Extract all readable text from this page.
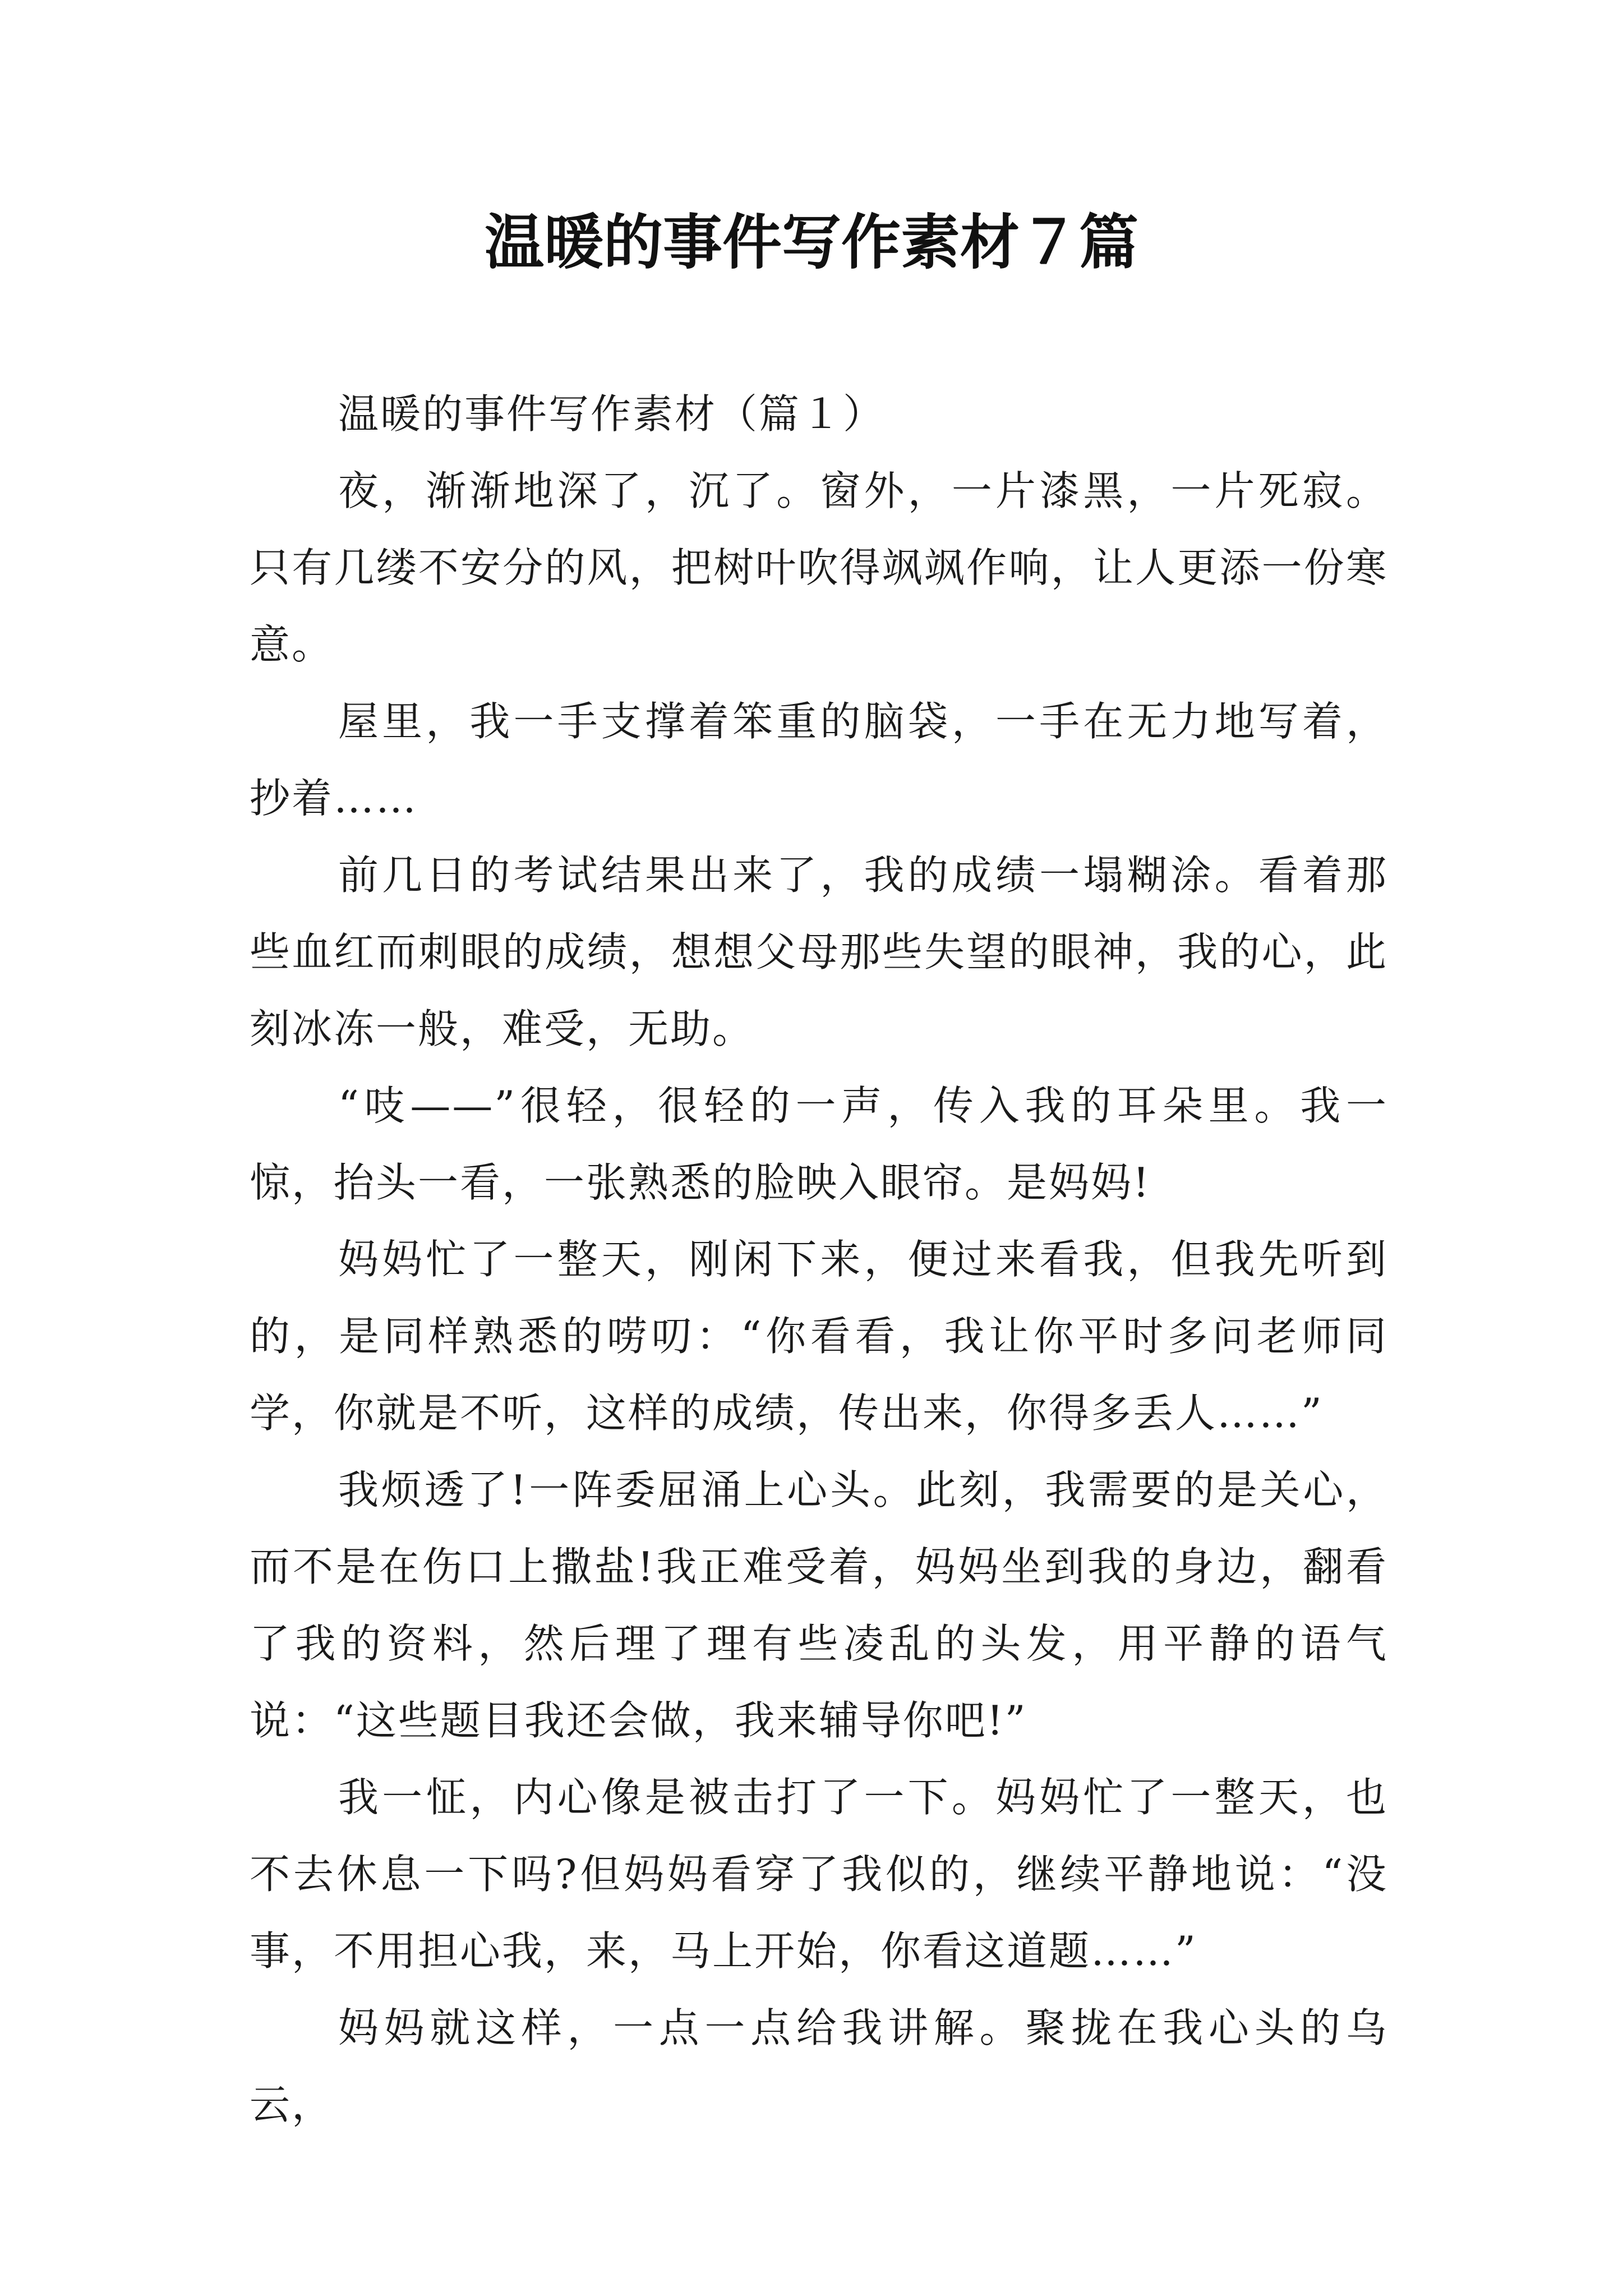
温暖的事件写作素材７篇

温暖的事件写作素材（篇１）

夜，渐渐地深了，沉了。窗外，一片漆黑，一片死寂。只有几缕不安分的风，把树叶吹得飒飒作响，让人更添一份寒意。

屋里，我一手支撑着笨重的脑袋，一手在无力地写着，抄着……

前几日的考试结果出来了，我的成绩一塌糊涂。看着那些血红而刺眼的成绩，想想父母那些失望的眼神，我的心，此刻冰冻一般，难受，无助。

“吱——”很轻，很轻的一声，传入我的耳朵里。我一惊，抬头一看，一张熟悉的脸映入眼帘。是妈妈!

妈妈忙了一整天，刚闲下来，便过来看我，但我先听到的，是同样熟悉的唠叨：“你看看，我让你平时多问老师同学，你就是不听，这样的成绩，传出来，你得多丢人……”

我烦透了!一阵委屈涌上心头。此刻，我需要的是关心，而不是在伤口上撒盐!我正难受着，妈妈坐到我的身边，翻看了我的资料，然后理了理有些凌乱的头发，用平静的语气说：“这些题目我还会做，我来辅导你吧!”

我一怔，内心像是被击打了一下。妈妈忙了一整天，也不去休息一下吗?但妈妈看穿了我似的，继续平静地说：“没事，不用担心我，来，马上开始，你看这道题……”

妈妈就这样，一点一点给我讲解。聚拢在我心头的乌云，
